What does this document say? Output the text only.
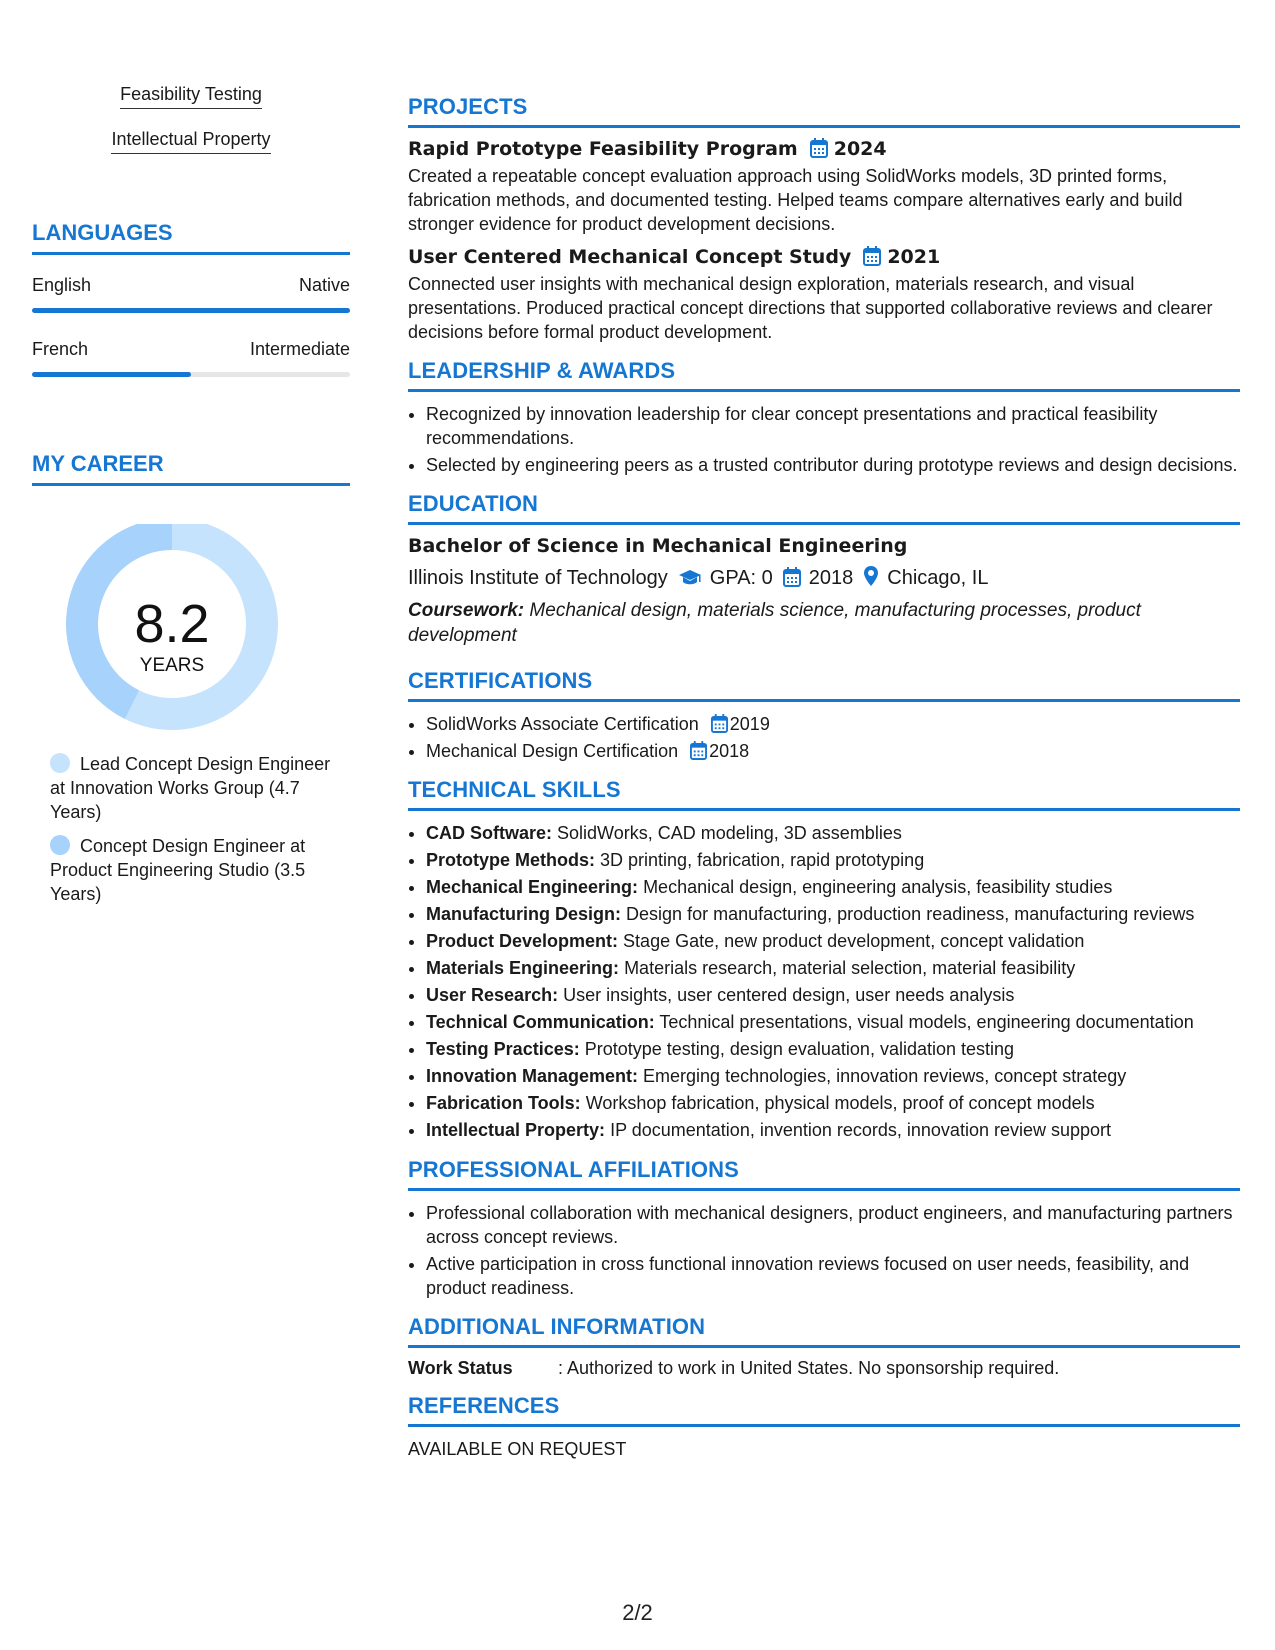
Feasibility Testing
Intellectual Property
LANGUAGES
English	Native
French	Intermediate
MY CAREER
8.2
YEARS
Lead Concept Design Engineer at Innovation Works Group (4.7 Years)
Concept Design Engineer at Product Engineering Studio (3.5 Years)
PROJECTS
Rapid Prototype Feasibility Program 2024
Created a repeatable concept evaluation approach using SolidWorks models, 3D printed forms, fabrication methods, and documented testing. Helped teams compare alternatives early and build stronger evidence for product development decisions.
User Centered Mechanical Concept Study 2021
Connected user insights with mechanical design exploration, materials research, and visual presentations. Produced practical concept directions that supported collaborative reviews and clearer decisions before formal product development.
LEADERSHIP & AWARDS
• Recognized by innovation leadership for clear concept presentations and practical feasibility recommendations.
• Selected by engineering peers as a trusted contributor during prototype reviews and design decisions.
EDUCATION
Bachelor of Science in Mechanical Engineering
Illinois Institute of Technology GPA: 0 2018 Chicago, IL
Coursework: Mechanical design, materials science, manufacturing processes, product development
CERTIFICATIONS
• SolidWorks Associate Certification 2019
• Mechanical Design Certification 2018
TECHNICAL SKILLS
• CAD Software: SolidWorks, CAD modeling, 3D assemblies
• Prototype Methods: 3D printing, fabrication, rapid prototyping
• Mechanical Engineering: Mechanical design, engineering analysis, feasibility studies
• Manufacturing Design: Design for manufacturing, production readiness, manufacturing reviews
• Product Development: Stage Gate, new product development, concept validation
• Materials Engineering: Materials research, material selection, material feasibility
• User Research: User insights, user centered design, user needs analysis
• Technical Communication: Technical presentations, visual models, engineering documentation
• Testing Practices: Prototype testing, design evaluation, validation testing
• Innovation Management: Emerging technologies, innovation reviews, concept strategy
• Fabrication Tools: Workshop fabrication, physical models, proof of concept models
• Intellectual Property: IP documentation, invention records, innovation review support
PROFESSIONAL AFFILIATIONS
• Professional collaboration with mechanical designers, product engineers, and manufacturing partners across concept reviews.
• Active participation in cross functional innovation reviews focused on user needs, feasibility, and product readiness.
ADDITIONAL INFORMATION
Work Status	: Authorized to work in United States. No sponsorship required.
REFERENCES
AVAILABLE ON REQUEST
2/2
